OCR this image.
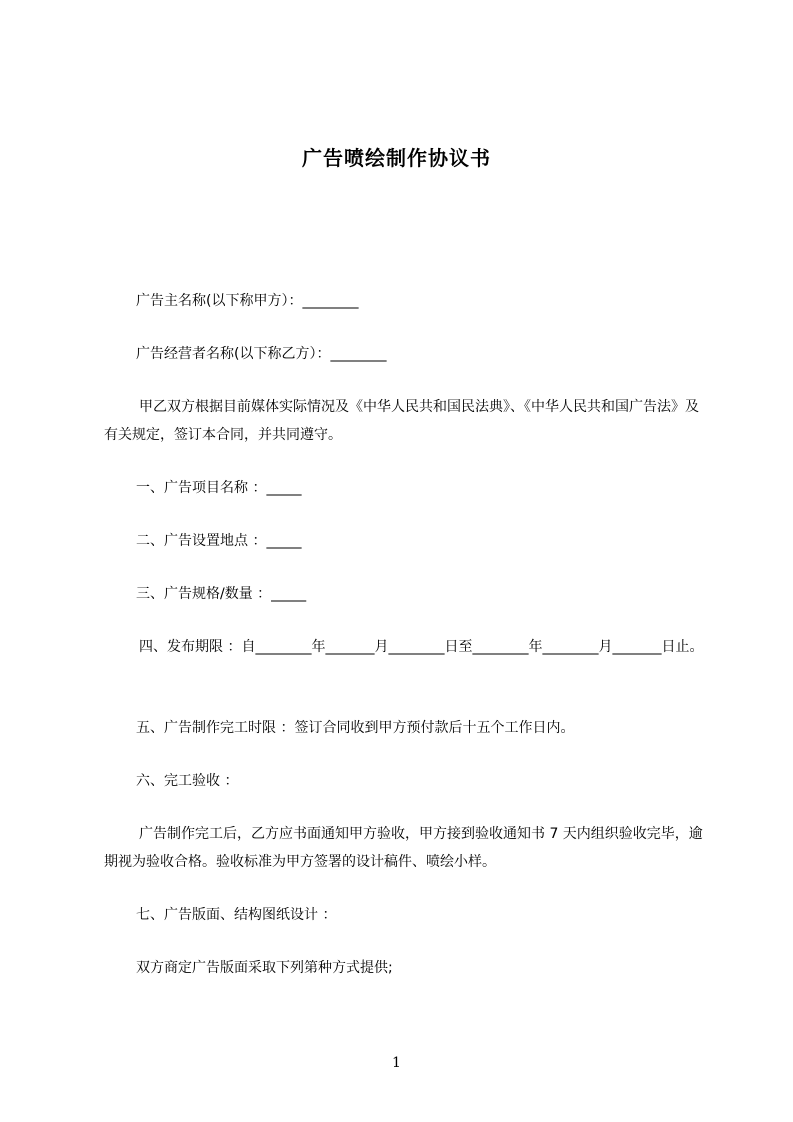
广告喷绘制作协议书
广告主名称(以下称甲方）：________
广告经营者名称(以下称乙方）：________
甲乙双方根据目前媒体实际情况及《中华人民共和国民法典》、《中华人民共和国广告法》及有关规定，签订本合同，并共同遵守。
一、广告项目名称 ：_____
二、广告设置地点 ：_____
三、广告规格/数量 ：_____
四、发布期限 ：自________年_______月________日至________年________月_______日止。
五、广告制作完工时限 ：签订合同收到甲方预付款后十五个工作日内。
六、完工验收 ：
广告制作完工后，乙方应书面通知甲方验收，甲方接到验收通知书 7 天内组织验收完毕，逾期视为验收合格。验收标准为甲方签署的设计稿件、喷绘小样。
七、广告版面、结构图纸设计 ：
双方商定广告版面采取下列第种方式提供;
1
